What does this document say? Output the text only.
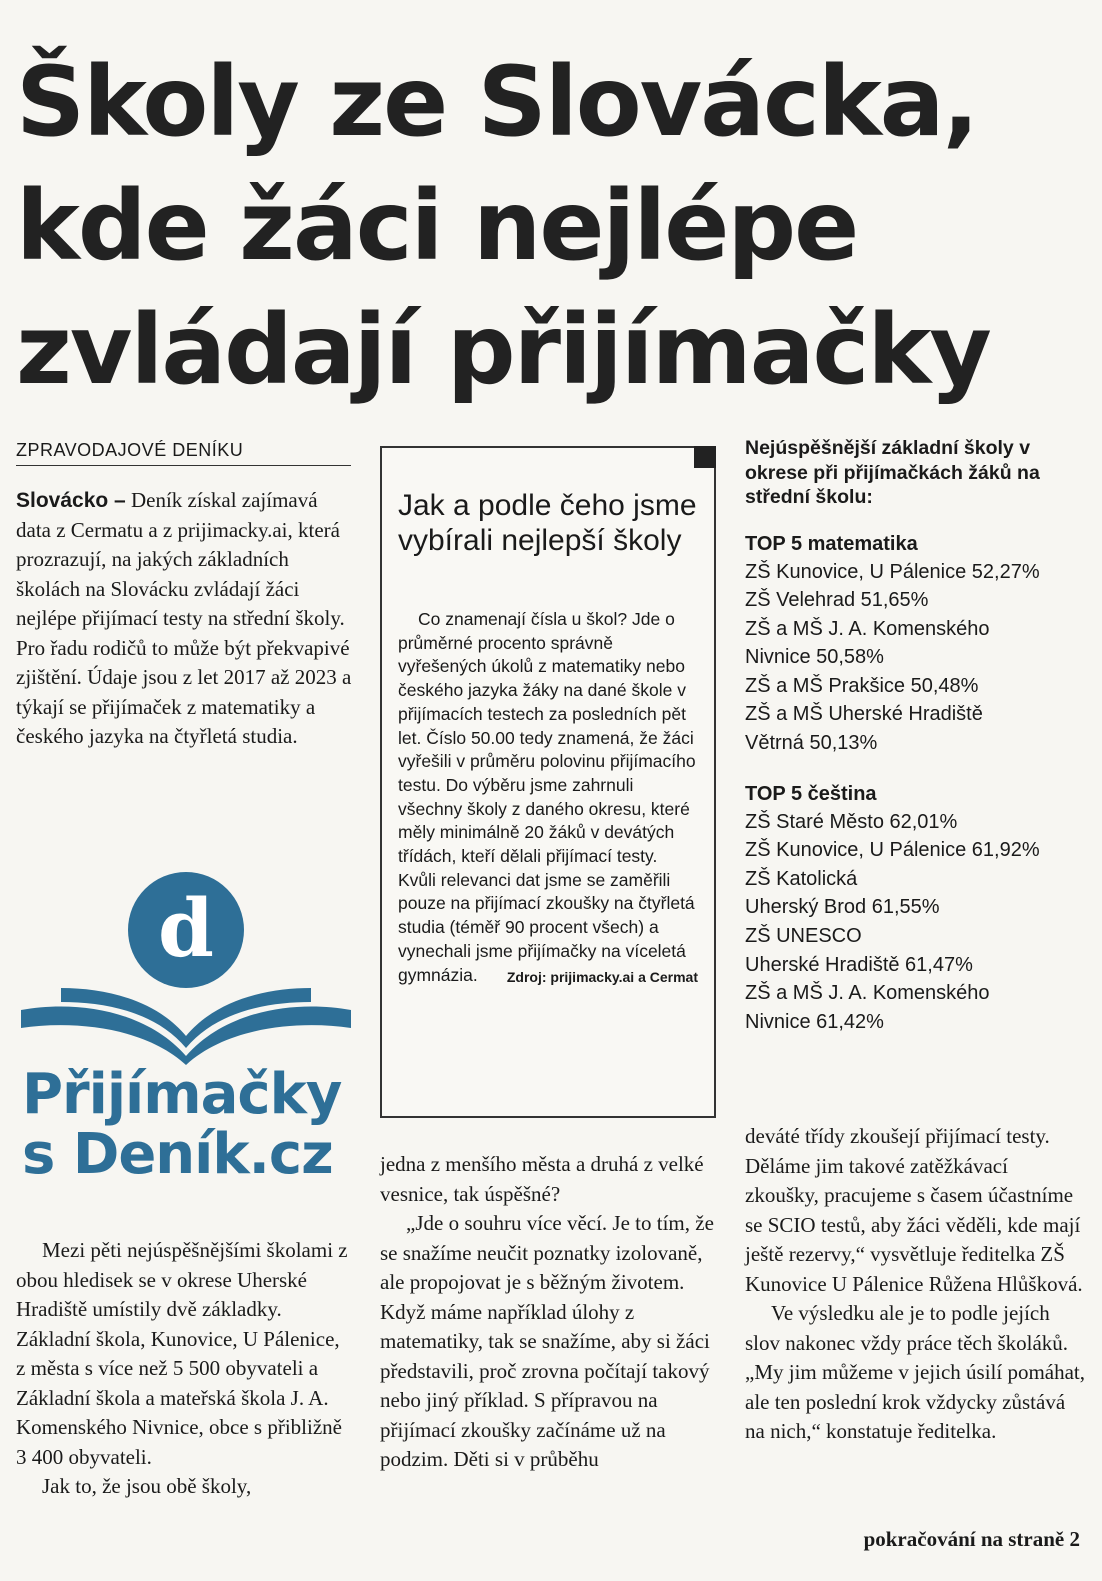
Školy ze Slovácka,
kde žáci nejlépe
zvládají přijímačky
ZPRAVODAJOVÉ DENÍKU

Slovácko – Deník získal zajímavá data z Cermatu a z prijimacky.ai, která prozrazují, na jakých základních školách na Slovácku zvládají žáci nejlépe přijímací testy na střední školy. Pro řadu rodičů to může být překvapivé zjištění. Údaje jsou z let 2017 až 2023 a týkají se přijímaček z matematiky a českého jazyka na čtyřletá studia.

d
Přijímačky
s Deník.cz
Jak a podle čeho jsme vybírali nejlepší školy
Co znamenají čísla u škol? Jde o průměrné procento správně vyřešených úkolů z matematiky nebo českého jazyka žáky na dané škole v přijímacích testech za posledních pět let. Číslo 50.00 tedy znamená, že žáci vyřešili v průměru polovinu přijímacího testu. Do výběru jsme zahrnuli všechny školy z daného okresu, které měly minimálně 20 žáků v devátých třídách, kteří dělali přijímací testy. Kvůli relevanci dat jsme se zaměřili pouze na přijímací zkoušky na čtyřletá studia (téměř 90 procent všech) a vynechali jsme přijímačky na víceletá gymnázia. Zdroj: prijimacky.ai a Cermat
Nejúspěšnější základní školy v okrese při přijímačkách žáků na střední školu:
TOP 5 matematika
ZŠ Kunovice, U Pálenice 52,27%
ZŠ Velehrad 51,65%
ZŠ a MŠ J. A. Komenského
Nivnice 50,58%
ZŠ a MŠ Prakšice 50,48%
ZŠ a MŠ Uherské Hradiště
Větrná 50,13%
TOP 5 čeština
ZŠ Staré Město 62,01%
ZŠ Kunovice, U Pálenice 61,92%
ZŠ Katolická
Uherský Brod 61,55%
ZŠ UNESCO
Uherské Hradiště 61,47%
ZŠ a MŠ J. A. Komenského
Nivnice 61,42%

Mezi pěti nejúspěšnějšími školami z obou hledisek se v okrese Uherské Hradiště umístily dvě základky. Základní škola, Kunovice, U Pálenice, z města s více než 5 500 obyvateli a Základní škola a mateřská škola J. A. Komenského Nivnice, obce s přibližně 3 400 obyvateli.

Jak to, že jsou obě školy,

jedna z menšího města a druhá z velké vesnice, tak úspěšné?

„Jde o souhru více věcí. Je to tím, že se snažíme neučit poznatky izolovaně, ale propojovat je s běžným životem. Když máme například úlohy z matematiky, tak se snažíme, aby si žáci představili, proč zrovna počítají takový nebo jiný příklad. S přípravou na přijímací zkoušky začínáme už na podzim. Děti si v průběhu

deváté třídy zkoušejí přijímací testy. Děláme jim takové zatěžkávací zkoušky, pracujeme s časem účastníme se SCIO testů, aby žáci věděli, kde mají ještě rezervy,“ vysvětluje ředitelka ZŠ Kunovice U Pálenice Růžena Hlůšková.

Ve výsledku ale je to podle jejích slov nakonec vždy práce těch školáků. „My jim můžeme v jejich úsilí pomáhat, ale ten poslední krok vždycky zůstává na nich,“ konstatuje ředitelka.

pokračování na straně 2
